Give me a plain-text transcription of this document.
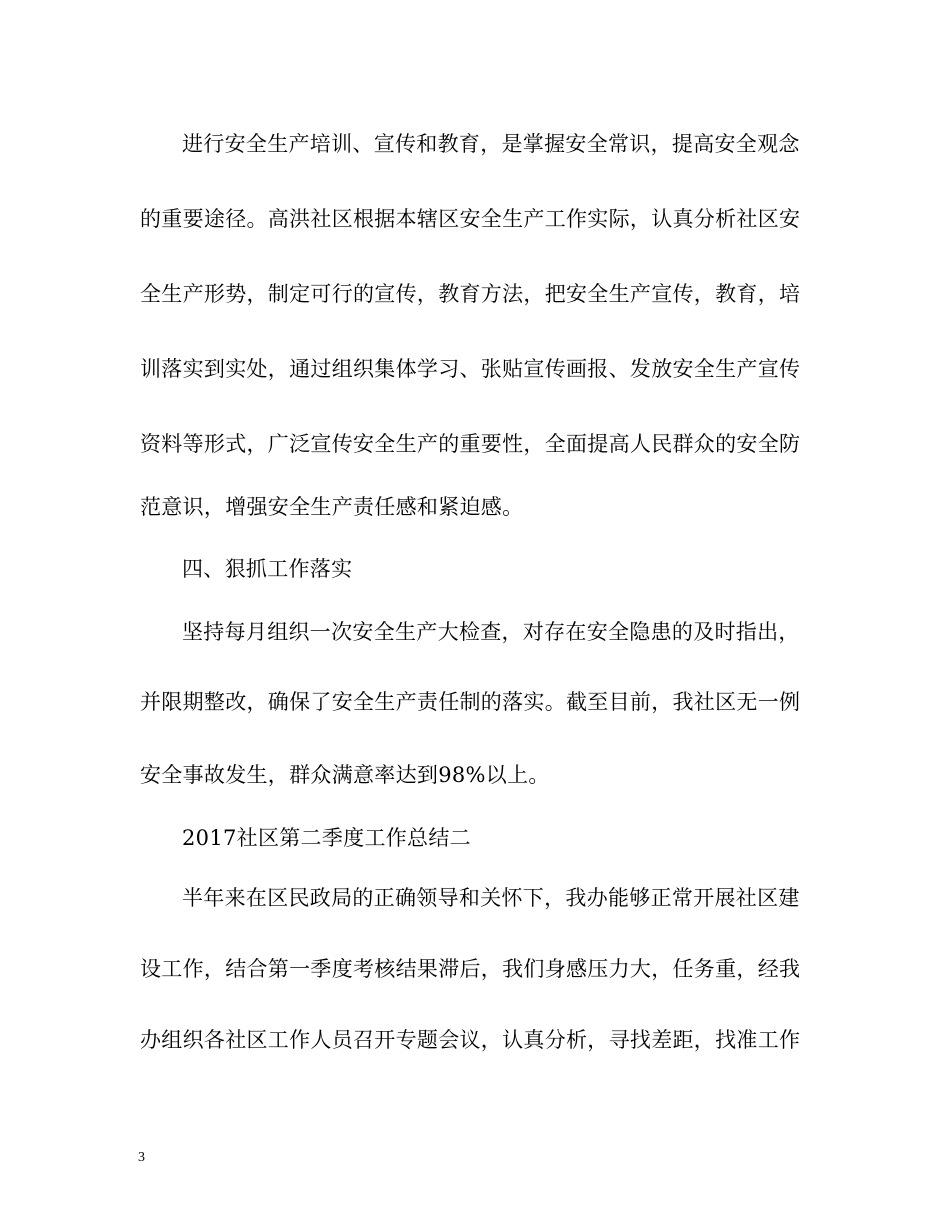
进行安全生产培训、宣传和教育，是掌握安全常识，提高安全观念
的重要途径。高洪社区根据本辖区安全生产工作实际，认真分析社区安
全生产形势，制定可行的宣传，教育方法，把安全生产宣传，教育，培
训落实到实处，通过组织集体学习、张贴宣传画报、发放安全生产宣传
资料等形式，广泛宣传安全生产的重要性，全面提高人民群众的安全防
范意识，增强安全生产责任感和紧迫感。
四、狠抓工作落实
坚持每月组织一次安全生产大检查，对存在安全隐患的及时指出，
并限期整改，确保了安全生产责任制的落实。截至目前，我社区无一例
安全事故发生，群众满意率达到98%以上。
2017社区第二季度工作总结二
半年来在区民政局的正确领导和关怀下，我办能够正常开展社区建
设工作，结合第一季度考核结果滞后，我们身感压力大，任务重，经我
办组织各社区工作人员召开专题会议，认真分析，寻找差距，找准工作
3
